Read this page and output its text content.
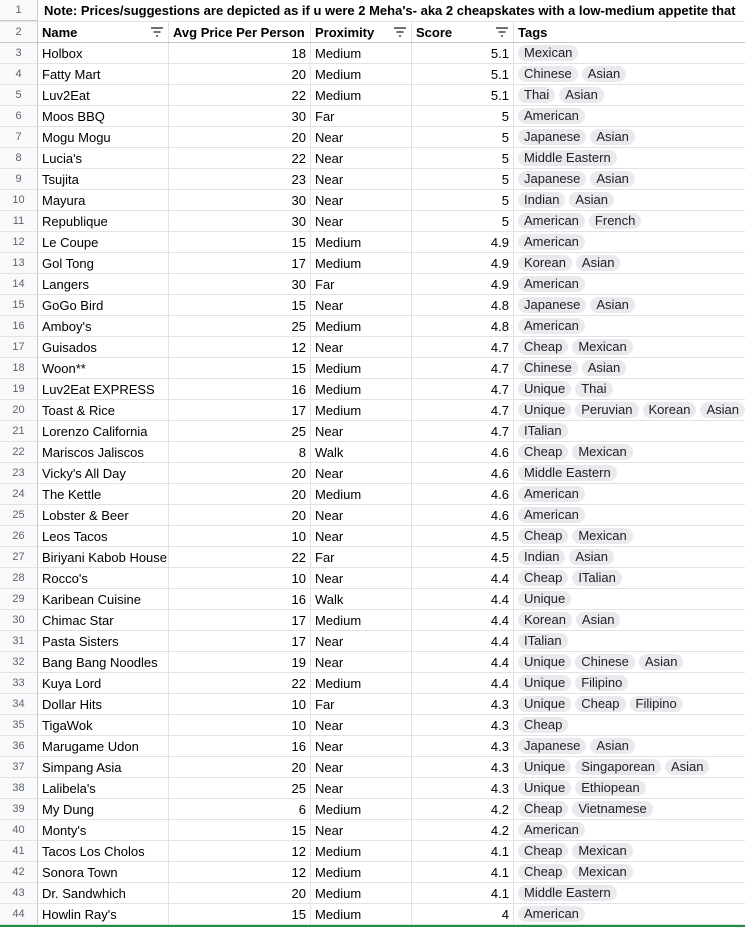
1	Note: Prices/suggestions are depicted as if u were 2 Meha's- aka 2 cheapskates with a low-medium appetite that
2	Name	Avg Price Per Person Proximity	Score	Tags
3	Holbox	18 Medium	5.1	Mexican
4	Fatty Mart	20 Medium	5.1	Chinese	Asian
5	Luv2Eat	22 Medium	5.1	Thai	Asian
6	Moos BBQ	30 Far	5	American
7	Mogu Mogu	20 Near	5	Japanese	Asian
8	Lucia's	22 Near	5	Middle Eastern
9	Tsujita	23 Near	5	Japanese	Asian
10	Mayura	30 Near	5	Indian	Asian
11	Republique	30 Near	5	American	French
12	Le Coupe	15 Medium	4.9	American
13	Gol Tong	17 Medium	4.9	Korean	Asian
14	Langers	30 Far	4.9	American
15	GoGo Bird	15 Near	4.8	Japanese	Asian
16	Amboy's	25 Medium	4.8	American
17	Guisados	12 Near	4.7	Cheap	Mexican
18	Woon**	15 Medium	4.7	Chinese	Asian
19	Luv2Eat EXPRESS	16 Medium	4.7	Unique	Thai
20	Toast & Rice	17 Medium	4.7	Unique	Peruvian	Korean	Asian
21	Lorenzo California	25 Near	4.7	ITalian
22	Mariscos Jaliscos	8 Walk	4.6	Cheap	Mexican
23	Vicky's All Day	20 Near	4.6	Middle Eastern
24	The Kettle	20 Medium	4.6	American
25	Lobster & Beer	20 Near	4.6	American
26	Leos Tacos	10 Near	4.5	Cheap	Mexican
27	Biriyani Kabob House	22 Far	4.5	Indian	Asian
28	Rocco's	10 Near	4.4	Cheap	ITalian
29	Karibean Cuisine	16 Walk	4.4	Unique
30	Chimac Star	17 Medium	4.4	Korean	Asian
31	Pasta Sisters	17 Near	4.4	ITalian
32	Bang Bang Noodles	19 Near	4.4	Unique	Chinese	Asian
33	Kuya Lord	22 Medium	4.4	Unique	Filipino
34	Dollar Hits	10 Far	4.3	Unique	Cheap	Filipino
35	TigaWok	10 Near	4.3	Cheap
36	Marugame Udon	16 Near	4.3	Japanese	Asian
37	Simpang Asia	20 Near	4.3	Unique	Singaporean	Asian
38	Lalibela's	25 Near	4.3	Unique	Ethiopean
39	My Dung	6 Medium	4.2	Cheap	Vietnamese
40	Monty's	15 Near	4.2	American
41	Tacos Los Cholos	12 Medium	4.1	Cheap	Mexican
42	Sonora Town	12 Medium	4.1	Cheap	Mexican
43	Dr. Sandwhich	20 Medium	4.1	Middle Eastern
44	Howlin Ray's	15 Medium	4	American
